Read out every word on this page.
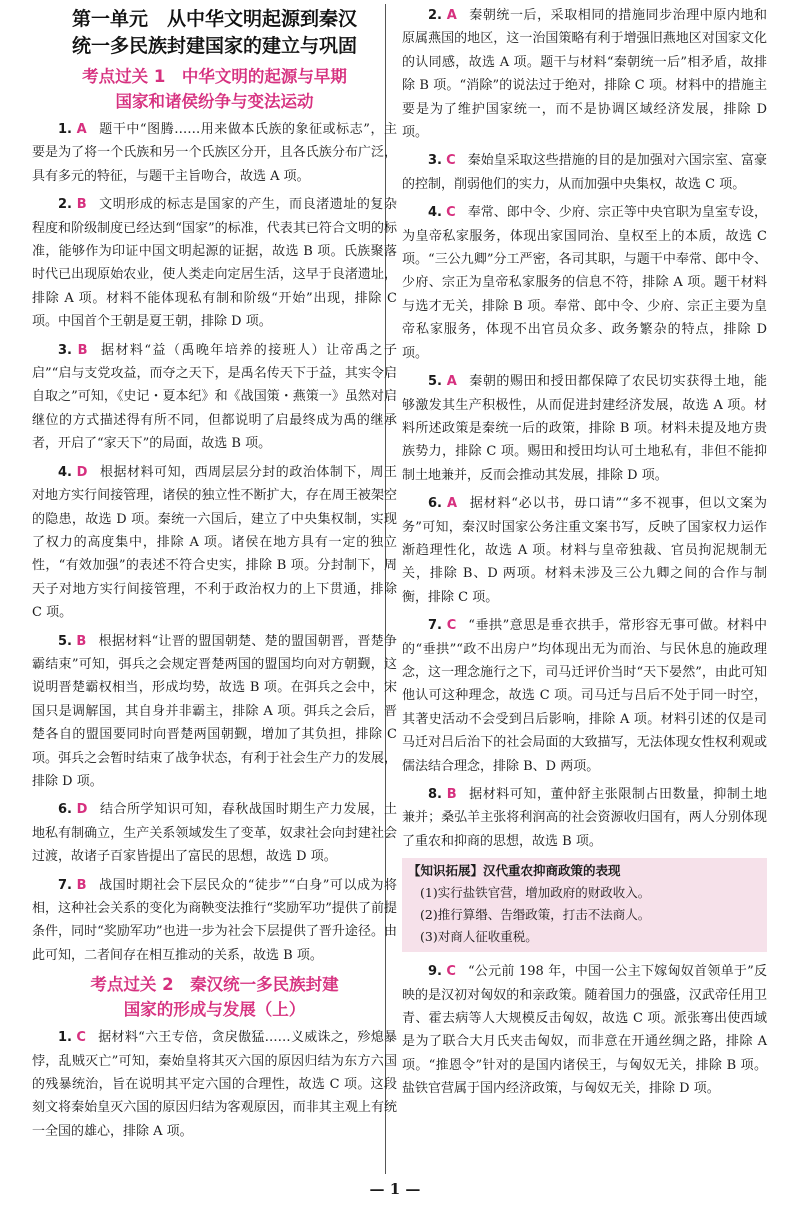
第一单元　从中华文明起源到秦汉
统一多民族封建国家的建立与巩固
考点过关 1　中华文明的起源与早期
国家和诸侯纷争与变法运动

1. A 题干中“图腾……用来做本氏族的象征或标志”，主要是为了将一个氏族和另一个氏族区分开，且各氏族分布广泛，具有多元的特征，与题干主旨吻合，故选 A 项。

2. B 文明形成的标志是国家的产生，而良渚遗址的复杂程度和阶级制度已经达到“国家”的标准，代表其已符合文明的标准，能够作为印证中国文明起源的证据，故选 B 项。氏族聚落时代已出现原始农业，使人类走向定居生活，这早于良渚遗址，排除 A 项。材料不能体现私有制和阶级“开始”出现，排除 C 项。中国首个王朝是夏王朝，排除 D 项。

3. B 据材料“益（禹晚年培养的接班人）让帝禹之子启”“启与支党攻益，而夺之天下，是禹名传天下于益，其实令启自取之”可知，《史记・夏本纪》和《战国策・燕策一》虽然对启继位的方式描述得有所不同，但都说明了启最终成为禹的继承者，开启了“家天下”的局面，故选 B 项。

4. D 根据材料可知，西周层层分封的政治体制下，周王对地方实行间接管理，诸侯的独立性不断扩大，存在周王被架空的隐患，故选 D 项。秦统一六国后，建立了中央集权制，实现了权力的高度集中，排除 A 项。诸侯在地方具有一定的独立性，“有效加强”的表述不符合史实，排除 B 项。分封制下，周天子对地方实行间接管理，不利于政治权力的上下贯通，排除 C 项。

5. B 根据材料“让晋的盟国朝楚、楚的盟国朝晋，晋楚争霸结束”可知，弭兵之会规定晋楚两国的盟国均向对方朝觐，这说明晋楚霸权相当，形成均势，故选 B 项。在弭兵之会中，宋国只是调解国，其自身并非霸主，排除 A 项。弭兵之会后，晋楚各自的盟国要同时向晋楚两国朝觐，增加了其负担，排除 C 项。弭兵之会暂时结束了战争状态，有利于社会生产力的发展，排除 D 项。

6. D 结合所学知识可知，春秋战国时期生产力发展，土地私有制确立，生产关系领域发生了变革，奴隶社会向封建社会过渡，故诸子百家皆提出了富民的思想，故选 D 项。

7. B 战国时期社会下层民众的“徒步”“白身”可以成为将相，这种社会关系的变化为商鞅变法推行“奖励军功”提供了前提条件，同时“奖励军功”也进一步为社会下层提供了晋升途径。由此可知，二者间存在相互推动的关系，故选 B 项。

考点过关 2　秦汉统一多民族封建
国家的形成与发展（上）

1. C 据材料“六王专倍，贪戾傲猛……义威诛之，殄熄暴悖，乱贼灭亡”可知，秦始皇将其灭六国的原因归结为东方六国的残暴统治，旨在说明其平定六国的合理性，故选 C 项。这段刻文将秦始皇灭六国的原因归结为客观原因，而非其主观上有统一全国的雄心，排除 A 项。

2. A 秦朝统一后，采取相同的措施同步治理中原内地和原属燕国的地区，这一治国策略有利于增强旧燕地区对国家文化的认同感，故选 A 项。题干与材料“秦朝统一后”相矛盾，故排除 B 项。“消除”的说法过于绝对，排除 C 项。材料中的措施主要是为了维护国家统一，而不是协调区域经济发展，排除 D 项。

3. C 秦始皇采取这些措施的目的是加强对六国宗室、富豪的控制，削弱他们的实力，从而加强中央集权，故选 C 项。

4. C 奉常、郎中令、少府、宗正等中央官职为皇室专设，为皇帝私家服务，体现出家国同治、皇权至上的本质，故选 C 项。“三公九卿”分工严密，各司其职，与题干中奉常、郎中令、少府、宗正为皇帝私家服务的信息不符，排除 A 项。题干材料与选才无关，排除 B 项。奉常、郎中令、少府、宗正主要为皇帝私家服务，体现不出官员众多、政务繁杂的特点，排除 D 项。

5. A 秦朝的赐田和授田都保障了农民切实获得土地，能够激发其生产积极性，从而促进封建经济发展，故选 A 项。材料所述政策是秦统一后的政策，排除 B 项。材料未提及地方贵族势力，排除 C 项。赐田和授田均认可土地私有，非但不能抑制土地兼并，反而会推动其发展，排除 D 项。

6. A 据材料“必以书，毋口请”“多不视事，但以文案为务”可知，秦汉时国家公务注重文案书写，反映了国家权力运作渐趋理性化，故选 A 项。材料与皇帝独裁、官员拘泥规制无关，排除 B、D 两项。材料未涉及三公九卿之间的合作与制衡，排除 C 项。

7. C “垂拱”意思是垂衣拱手，常形容无事可做。材料中的“垂拱”“政不出房户”均体现出无为而治、与民休息的施政理念，这一理念施行之下，司马迁评价当时“天下晏然”，由此可知他认可这种理念，故选 C 项。司马迁与吕后不处于同一时空，其著史活动不会受到吕后影响，排除 A 项。材料引述的仅是司马迁对吕后治下的社会局面的大致描写，无法体现女性权利观或儒法结合理念，排除 B、D 两项。

8. B 据材料可知，董仲舒主张限制占田数量，抑制土地兼并；桑弘羊主张将利润高的社会资源收归国有，两人分别体现了重农和抑商的思想，故选 B 项。

【知识拓展】汉代重农抑商政策的表现
(1)实行盐铁官营，增加政府的财政收入。
(2)推行算缗、告缗政策，打击不法商人。
(3)对商人征收重税。

9. C “公元前 198 年，中国一公主下嫁匈奴首领单于”反映的是汉初对匈奴的和亲政策。随着国力的强盛，汉武帝任用卫青、霍去病等人大规模反击匈奴，故选 C 项。派张骞出使西域是为了联合大月氏夹击匈奴，而非意在开通丝绸之路，排除 A 项。“推恩令”针对的是国内诸侯王，与匈奴无关，排除 B 项。盐铁官营属于国内经济政策，与匈奴无关，排除 D 项。

— 1 —
